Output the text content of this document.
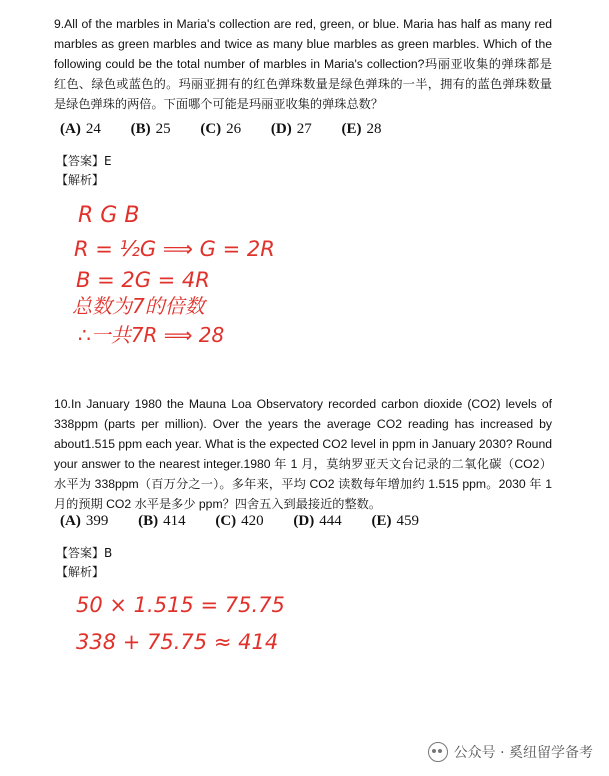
9.All of the marbles in Maria's collection are red, green, or blue. Maria has half as many red marbles as green marbles and twice as many blue marbles as green marbles. Which of the following could be the total number of marbles in Maria's collection?玛丽亚收集的弹珠都是红色、绿色或蓝色的。玛丽亚拥有的红色弹珠数量是绿色弹珠的一半，拥有的蓝色弹珠数量是绿色弹珠的两倍。下面哪个可能是玛丽亚收集的弹珠总数？
(A) 24 (B) 25 (C) 26 (D) 27 (E) 28
【答案】E
【解析】
R G B
R = ½G ⟹ G = 2R
B = 2G = 4R
总数为7的倍数
∴一共7R ⟹ 28
10.In January 1980 the Mauna Loa Observatory recorded carbon dioxide (CO2) levels of 338ppm (parts per million). Over the years the average CO2 reading has increased by about1.515 ppm each year. What is the expected CO2 level in ppm in January 2030? Round your answer to the nearest integer.1980 年 1 月，莫纳罗亚天文台记录的二氧化碳（CO2）水平为 338ppm（百万分之一）。多年来，平均 CO2 读数每年增加约 1.515 ppm。2030 年 1 月的预期 CO2 水平是多少 ppm？四舍五入到最接近的整数。
(A) 399 (B) 414 (C) 420 (D) 444 (E) 459
【答案】B
【解析】
50 × 1.515 = 75.75
338 + 75.75 ≈ 414
公众号 · 奚纽留学备考
